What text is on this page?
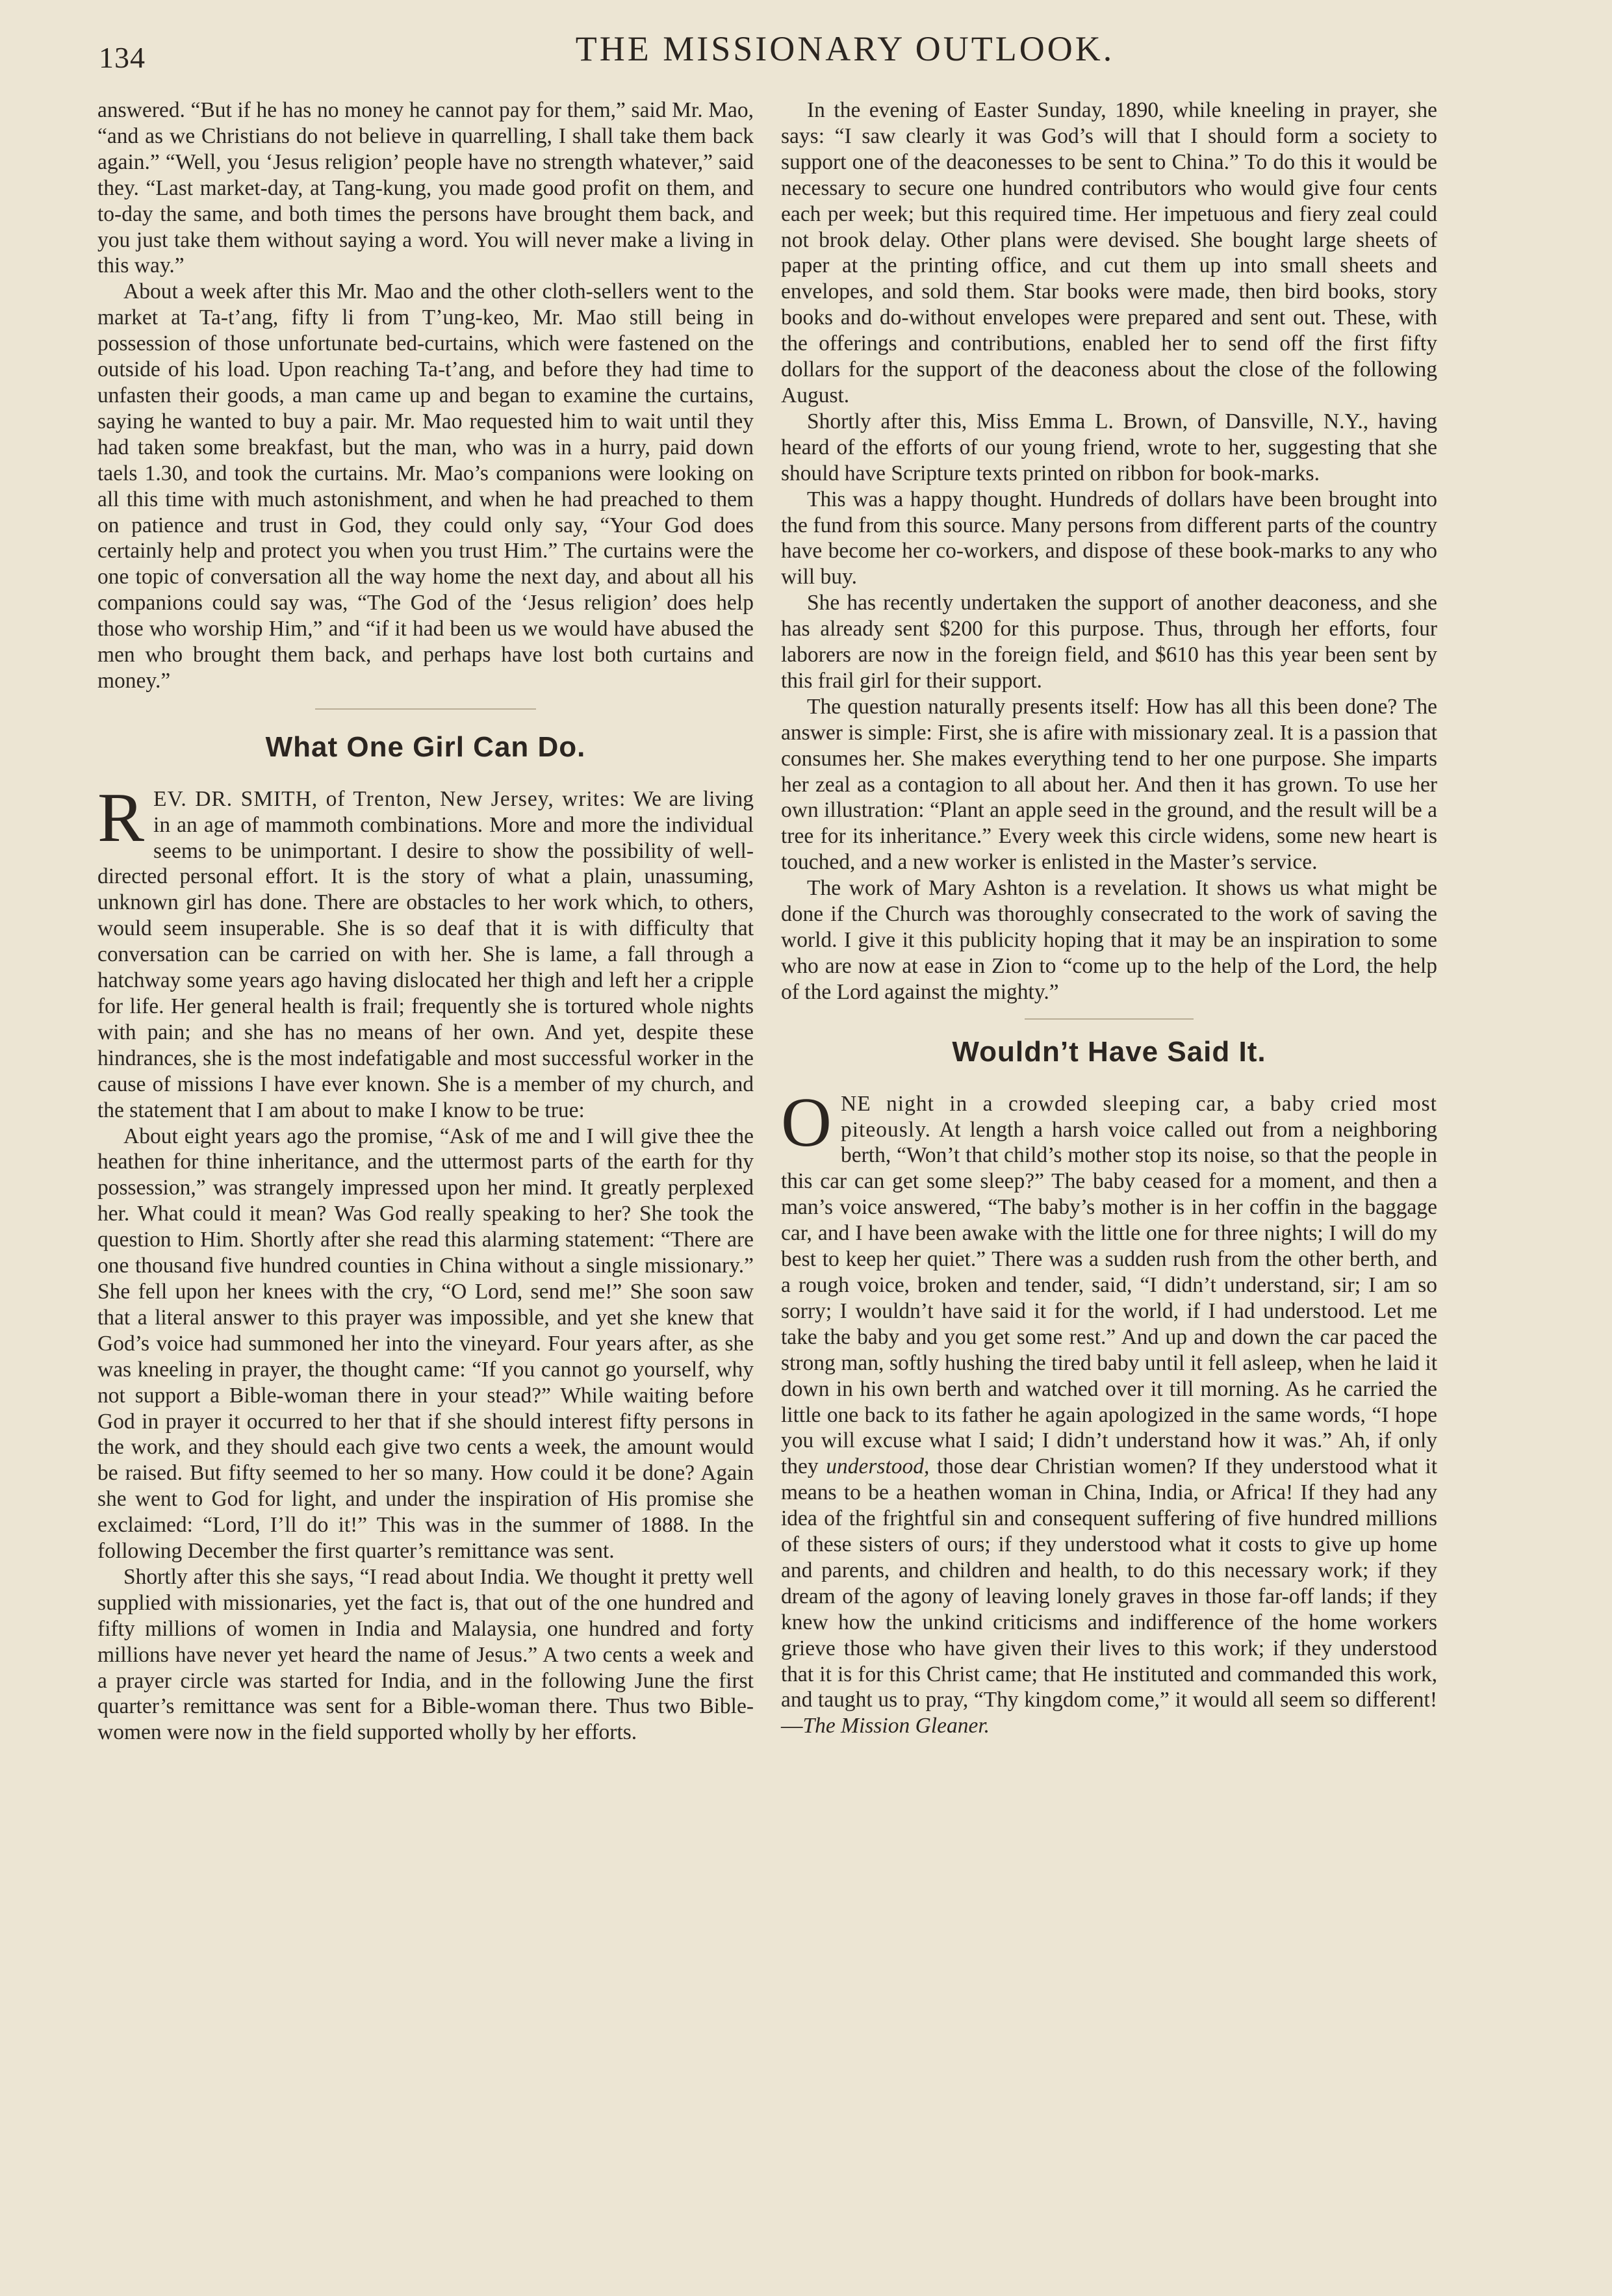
134	THE MISSIONARY OUTLOOK.

answered. “But if he has no money he cannot pay for them,” said Mr. Mao, “and as we Christians do not believe in quarrelling, I shall take them back again.” “Well, you ‘Jesus religion’ people have no strength whatever,” said they. “Last market-day, at Tang-kung, you made good profit on them, and to-day the same, and both times the persons have brought them back, and you just take them without saying a word. You will never make a living in this way.”

About a week after this Mr. Mao and the other cloth-sellers went to the market at Ta-t’ang, fifty li from T’ung-keo, Mr. Mao still being in possession of those unfortunate bed-curtains, which were fastened on the outside of his load. Upon reaching Ta-t’ang, and before they had time to unfasten their goods, a man came up and began to examine the curtains, saying he wanted to buy a pair. Mr. Mao requested him to wait until they had taken some breakfast, but the man, who was in a hurry, paid down taels 1.30, and took the curtains. Mr. Mao’s companions were looking on all this time with much astonishment, and when he had preached to them on patience and trust in God, they could only say, “Your God does certainly help and protect you when you trust Him.” The curtains were the one topic of conversation all the way home the next day, and about all his companions could say was, “The God of the ‘Jesus religion’ does help those who worship Him,” and “if it had been us we would have abused the men who brought them back, and perhaps have lost both curtains and money.”

What One Girl Can Do.

REV. DR. SMITH, of Trenton, New Jersey, writes: We are living in an age of mammoth combinations. More and more the individual seems to be unimportant. I desire to show the possibility of well-directed personal effort. It is the story of what a plain, unassuming, unknown girl has done. There are obstacles to her work which, to others, would seem insuperable. She is so deaf that it is with difficulty that conversation can be carried on with her. She is lame, a fall through a hatchway some years ago having dislocated her thigh and left her a cripple for life. Her general health is frail; frequently she is tortured whole nights with pain; and she has no means of her own. And yet, despite these hindrances, she is the most indefatigable and most successful worker in the cause of missions I have ever known. She is a member of my church, and the statement that I am about to make I know to be true:

About eight years ago the promise, “Ask of me and I will give thee the heathen for thine inheritance, and the uttermost parts of the earth for thy possession,” was strangely impressed upon her mind. It greatly perplexed her. What could it mean? Was God really speaking to her? She took the question to Him. Shortly after she read this alarming statement: “There are one thousand five hundred counties in China without a single missionary.” She fell upon her knees with the cry, “O Lord, send me!” She soon saw that a literal answer to this prayer was impossible, and yet she knew that God’s voice had summoned her into the vineyard. Four years after, as she was kneeling in prayer, the thought came: “If you cannot go yourself, why not support a Bible-woman there in your stead?” While waiting before God in prayer it occurred to her that if she should interest fifty persons in the work, and they should each give two cents a week, the amount would be raised. But fifty seemed to her so many. How could it be done? Again she went to God for light, and under the inspiration of His promise she exclaimed: “Lord, I’ll do it!” This was in the summer of 1888. In the following December the first quarter’s remittance was sent.

Shortly after this she says, “I read about India. We thought it pretty well supplied with missionaries, yet the fact is, that out of the one hundred and fifty millions of women in India and Malaysia, one hundred and forty millions have never yet heard the name of Jesus.” A two cents a week and a prayer circle was started for India, and in the following June the first quarter’s remittance was sent for a Bible-woman there. Thus two Bible-women were now in the field supported wholly by her efforts.

In the evening of Easter Sunday, 1890, while kneeling in prayer, she says: “I saw clearly it was God’s will that I should form a society to support one of the deaconesses to be sent to China.” To do this it would be necessary to secure one hundred contributors who would give four cents each per week; but this required time. Her impetuous and fiery zeal could not brook delay. Other plans were devised. She bought large sheets of paper at the printing office, and cut them up into small sheets and envelopes, and sold them. Star books were made, then bird books, story books and do-without envelopes were prepared and sent out. These, with the offerings and contributions, enabled her to send off the first fifty dollars for the support of the deaconess about the close of the following August.

Shortly after this, Miss Emma L. Brown, of Dansville, N.Y., having heard of the efforts of our young friend, wrote to her, suggesting that she should have Scripture texts printed on ribbon for book-marks.

This was a happy thought. Hundreds of dollars have been brought into the fund from this source. Many persons from different parts of the country have become her co-workers, and dispose of these book-marks to any who will buy.

She has recently undertaken the support of another deaconess, and she has already sent $200 for this purpose. Thus, through her efforts, four laborers are now in the foreign field, and $610 has this year been sent by this frail girl for their support.

The question naturally presents itself: How has all this been done? The answer is simple: First, she is afire with missionary zeal. It is a passion that consumes her. She makes everything tend to her one purpose. She imparts her zeal as a contagion to all about her. And then it has grown. To use her own illustration: “Plant an apple seed in the ground, and the result will be a tree for its inheritance.” Every week this circle widens, some new heart is touched, and a new worker is enlisted in the Master’s service.

The work of Mary Ashton is a revelation. It shows us what might be done if the Church was thoroughly consecrated to the work of saving the world. I give it this publicity hoping that it may be an inspiration to some who are now at ease in Zion to “come up to the help of the Lord, the help of the Lord against the mighty.”

Wouldn’t Have Said It.

ONE night in a crowded sleeping car, a baby cried most piteously. At length a harsh voice called out from a neighboring berth, “Won’t that child’s mother stop its noise, so that the people in this car can get some sleep?” The baby ceased for a moment, and then a man’s voice answered, “The baby’s mother is in her coffin in the baggage car, and I have been awake with the little one for three nights; I will do my best to keep her quiet.” There was a sudden rush from the other berth, and a rough voice, broken and tender, said, “I didn’t understand, sir; I am so sorry; I wouldn’t have said it for the world, if I had understood. Let me take the baby and you get some rest.” And up and down the car paced the strong man, softly hushing the tired baby until it fell asleep, when he laid it down in his own berth and watched over it till morning. As he carried the little one back to its father he again apologized in the same words, “I hope you will excuse what I said; I didn’t understand how it was.” Ah, if only they understood, those dear Christian women? If they understood what it means to be a heathen woman in China, India, or Africa! If they had any idea of the frightful sin and consequent suffering of five hundred millions of these sisters of ours; if they understood what it costs to give up home and parents, and children and health, to do this necessary work; if they dream of the agony of leaving lonely graves in those far-off lands; if they knew how the unkind criticisms and indifference of the home workers grieve those who have given their lives to this work; if they understood that it is for this Christ came; that He instituted and commanded this work, and taught us to pray, “Thy kingdom come,” it would all seem so different!—The Mission Gleaner.
